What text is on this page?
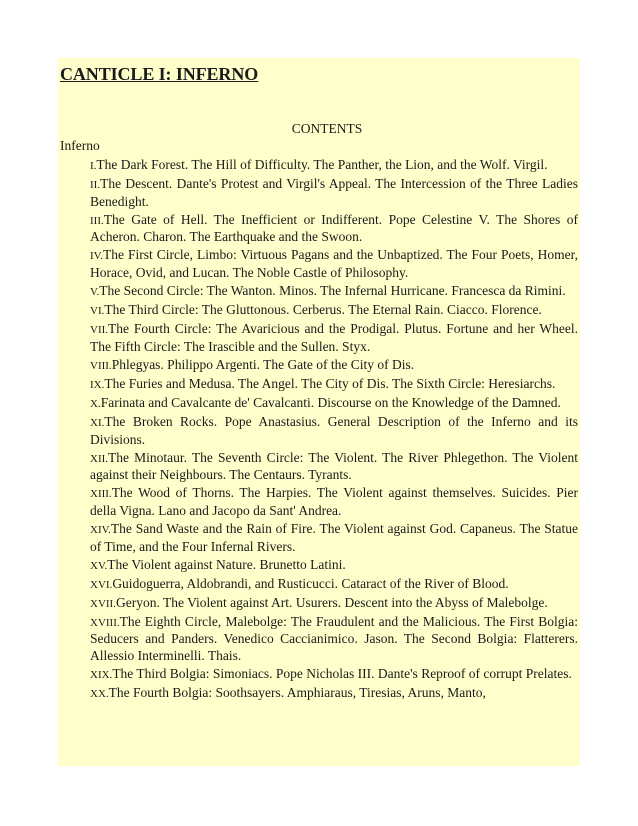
CANTICLE I: INFERNO
CONTENTS
Inferno
I.The Dark Forest. The Hill of Difficulty. The Panther, the Lion, and the Wolf. Virgil.
II.The Descent. Dante's Protest and Virgil's Appeal. The Intercession of the Three Ladies Benedight.
III.The Gate of Hell. The Inefficient or Indifferent. Pope Celestine V. The Shores of Acheron. Charon. The Earthquake and the Swoon.
IV.The First Circle, Limbo: Virtuous Pagans and the Unbaptized. The Four Poets, Homer, Horace, Ovid, and Lucan. The Noble Castle of Philosophy.
V.The Second Circle: The Wanton. Minos. The Infernal Hurricane. Francesca da Rimini.
VI.The Third Circle: The Gluttonous. Cerberus. The Eternal Rain. Ciacco. Florence.
VII.The Fourth Circle: The Avaricious and the Prodigal. Plutus. Fortune and her Wheel. The Fifth Circle: The Irascible and the Sullen. Styx.
VIII.Phlegyas. Philippo Argenti. The Gate of the City of Dis.
IX.The Furies and Medusa. The Angel. The City of Dis. The Sixth Circle: Heresiarchs.
X.Farinata and Cavalcante de' Cavalcanti. Discourse on the Knowledge of the Damned.
XI.The Broken Rocks. Pope Anastasius. General Description of the Inferno and its Divisions.
XII.The Minotaur. The Seventh Circle: The Violent. The River Phlegethon. The Violent against their Neighbours. The Centaurs. Tyrants.
XIII.The Wood of Thorns. The Harpies. The Violent against themselves. Suicides. Pier della Vigna. Lano and Jacopo da Sant' Andrea.
XIV.The Sand Waste and the Rain of Fire. The Violent against God. Capaneus. The Statue of Time, and the Four Infernal Rivers.
XV.The Violent against Nature. Brunetto Latini.
XVI.Guidoguerra, Aldobrandi, and Rusticucci. Cataract of the River of Blood.
XVII.Geryon. The Violent against Art. Usurers. Descent into the Abyss of Malebolge.
XVIII.The Eighth Circle, Malebolge: The Fraudulent and the Malicious. The First Bolgia: Seducers and Panders. Venedico Caccianimico. Jason. The Second Bolgia: Flatterers. Allessio Interminelli. Thais.
XIX.The Third Bolgia: Simoniacs. Pope Nicholas III. Dante's Reproof of corrupt Prelates.
XX.The Fourth Bolgia: Soothsayers. Amphiaraus, Tiresias, Aruns, Manto,
